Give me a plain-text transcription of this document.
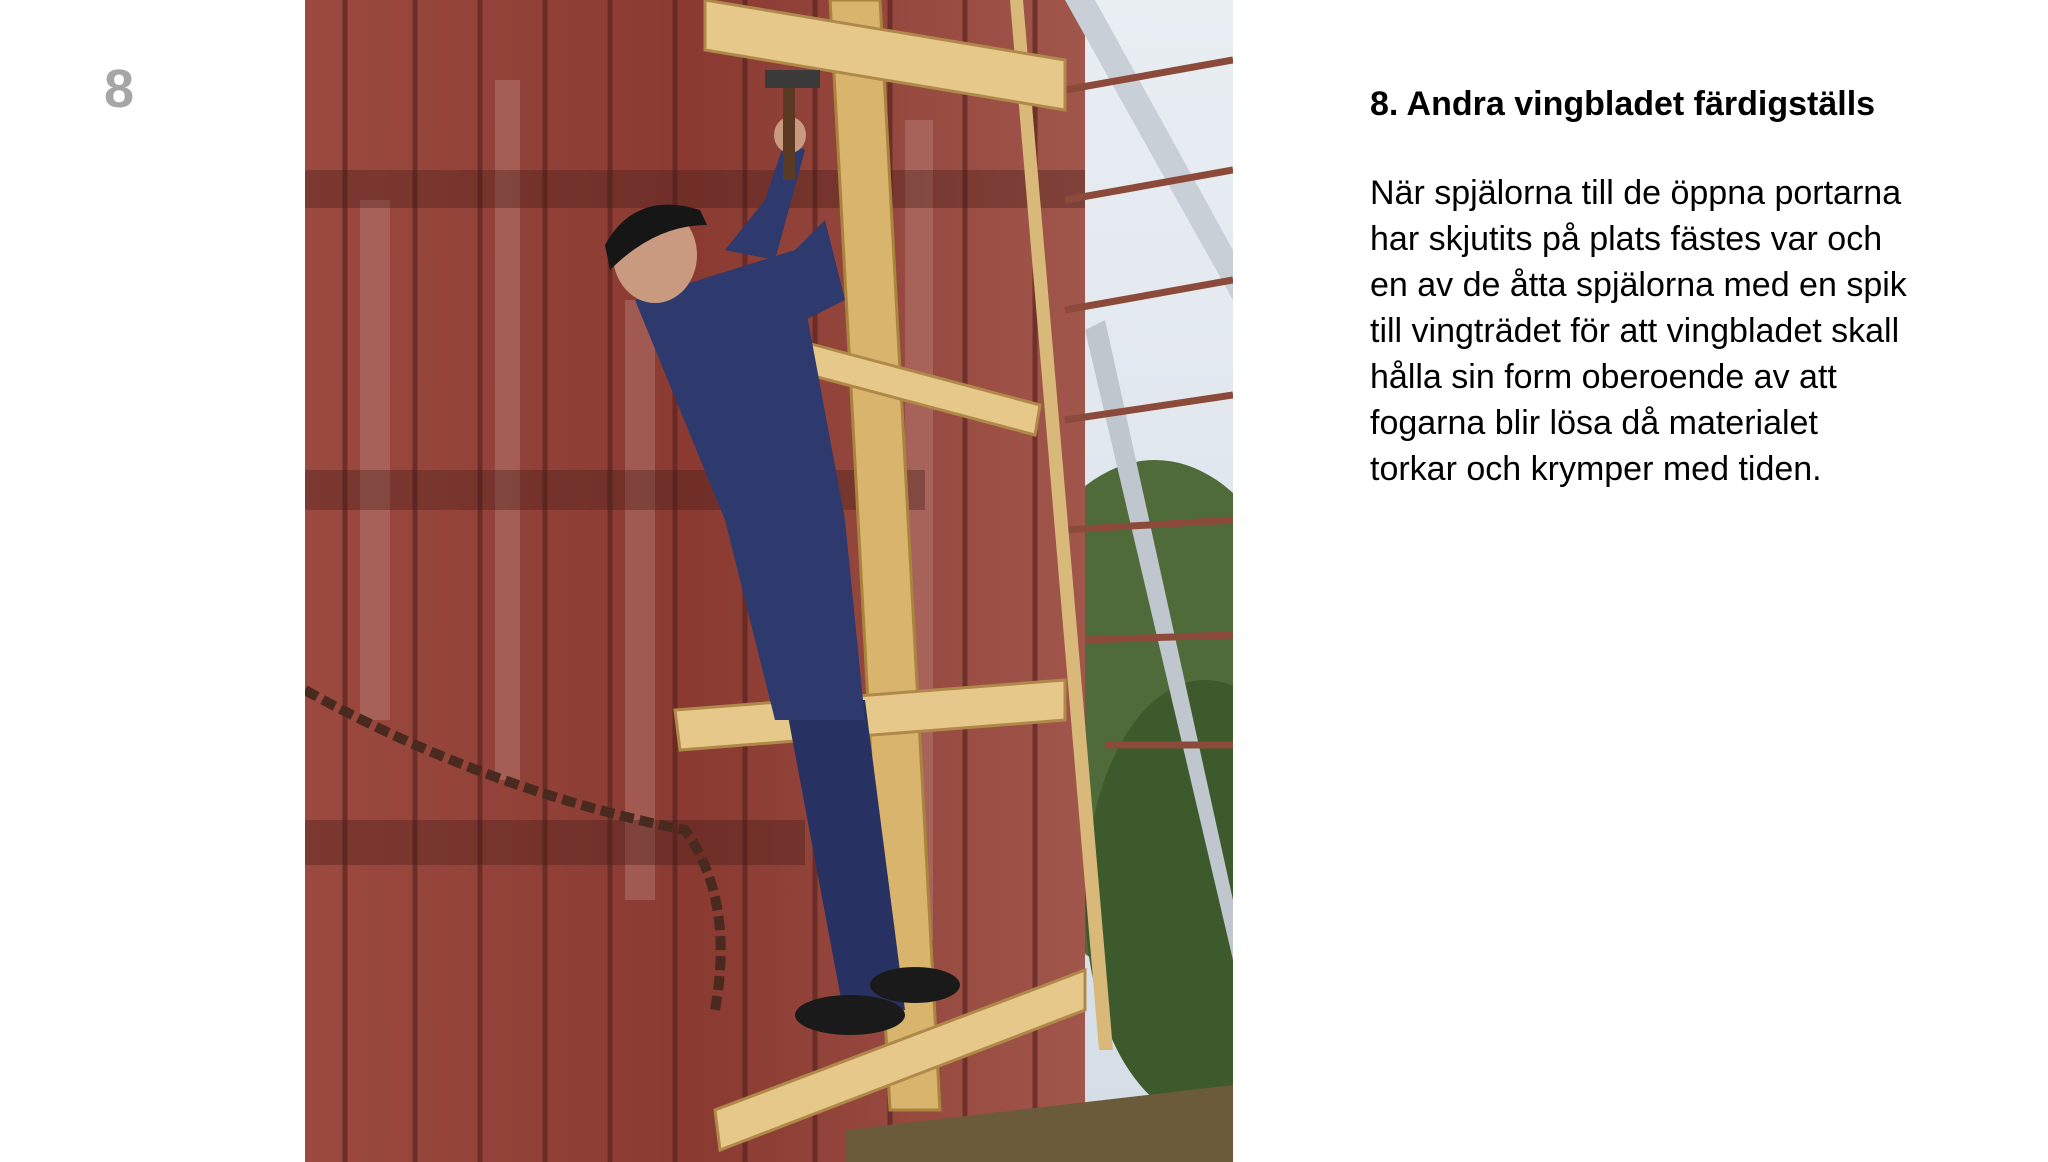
8	8. Andra vingbladet färdigställs

När spjälorna till de öppna portarna
har skjutits på plats fästes var och
en av de åtta spjälorna med en spik
till vingträdet för att vingbladet skall
hålla sin form oberoende av att
fogarna blir lösa då materialet
torkar och krymper med tiden.
